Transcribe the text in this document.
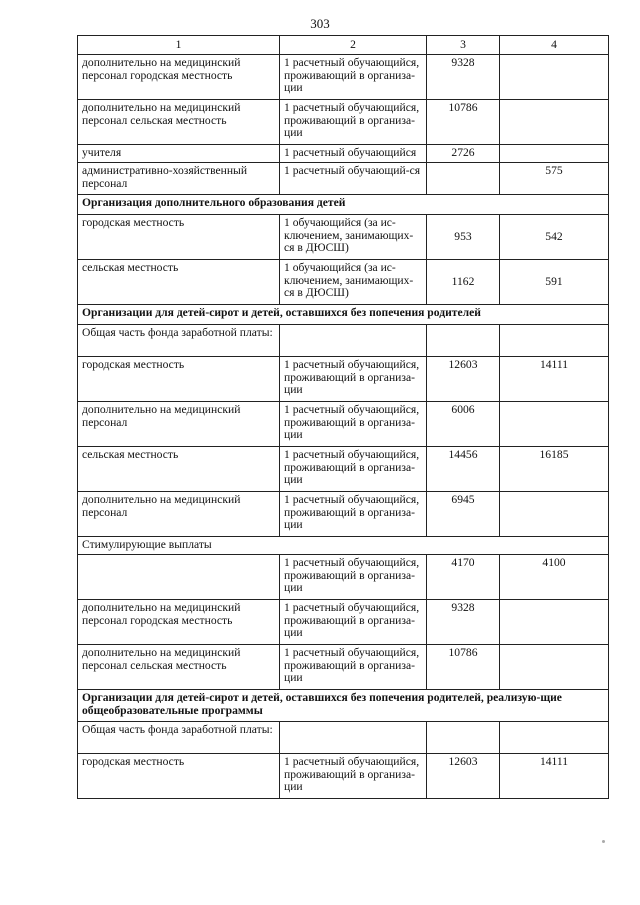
303
1	2	3	4
дополнительно на медицинский персонал городская местность	1 расчетный обучающийся, проживающий в организа-ции	9328	
дополнительно на медицинский персонал сельская местность	1 расчетный обучающийся, проживающий в организа-ции	10786	
учителя	1 расчетный обучающийся	2726	
административно-хозяйственный персонал	1 расчетный обучающий-ся		575
Организация дополнительного образования детей			
городская местность	1 обучающийся (за ис-ключением, занимающих-ся в ДЮСШ)	953	542
сельская местность	1 обучающийся (за ис-ключением, занимающих-ся в ДЮСШ)	1162	591
Организации для детей-сирот и детей, оставшихся без попечения родителей			
Общая часть фонда заработной платы:			
городская местность	1 расчетный обучающийся, проживающий в организа-ции	12603	14111
дополнительно на медицинский персонал	1 расчетный обучающийся, проживающий в организа-ции	6006	
сельская местность	1 расчетный обучающийся, проживающий в организа-ции	14456	16185
дополнительно на медицинский персонал	1 расчетный обучающийся, проживающий в организа-ции	6945	
Стимулирующие выплаты			
	1 расчетный обучающийся, проживающий в организа-ции	4170	4100
дополнительно на медицинский персонал городская местность	1 расчетный обучающийся, проживающий в организа-ции	9328	
дополнительно на медицинский персонал сельская местность	1 расчетный обучающийся, проживающий в организа-ции	10786	
Организации для детей-сирот и детей, оставшихся без попечения родителей, реализую-щие общеобразовательные программы			
Общая часть фонда заработной платы:			
городская местность	1 расчетный обучающийся, проживающий в организа-ции	12603	14111
